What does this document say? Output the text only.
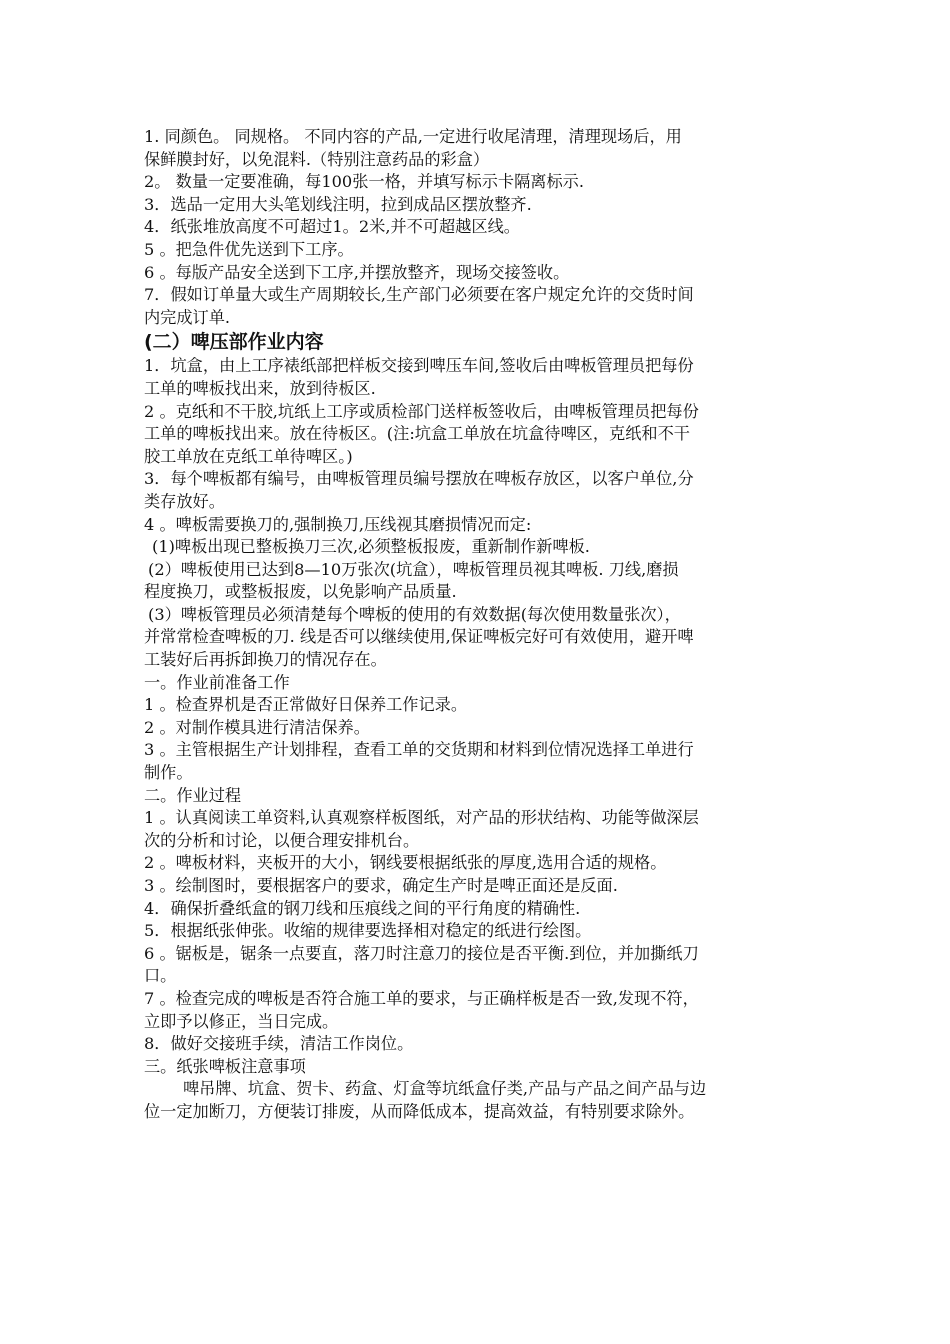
1. 同颜色。 同规格。 不同内容的产品,一定进行收尾清理，清理现场后，用
保鲜膜封好，以免混料.（特别注意药品的彩盒）
2。 数量一定要准确，每100张一格，并填写标示卡隔离标示.
3．选品一定用大头笔划线注明，拉到成品区摆放整齐.
4．纸张堆放高度不可超过1。2米,并不可超越区线。
5 。把急件优先送到下工序。
6 。每版产品安全送到下工序,并摆放整齐，现场交接签收。
7．假如订单量大或生产周期较长,生产部门必须要在客户规定允许的交货时间
内完成订单.
(二）啤压部作业内容
1．坑盒，由上工序裱纸部把样板交接到啤压车间,签收后由啤板管理员把每份
工单的啤板找出来，放到待板区.
2 。克纸和不干胶,坑纸上工序或质检部门送样板签收后，由啤板管理员把每份
工单的啤板找出来。放在待板区。(注:坑盒工单放在坑盒待啤区，克纸和不干
胶工单放在克纸工单待啤区。)
3．每个啤板都有编号，由啤板管理员编号摆放在啤板存放区，以客户单位,分
类存放好。
4 。啤板需要换刀的,强制换刀,压线视其磨损情况而定:
(1)啤板出现已整板换刀三次,必须整板报废，重新制作新啤板.
(2）啤板使用已达到8—10万张次(坑盒），啤板管理员视其啤板. 刀线,磨损
程度换刀，或整板报废，以免影响产品质量.
(3）啤板管理员必须清楚每个啤板的使用的有效数据(每次使用数量张次），
并常常检查啤板的刀. 线是否可以继续使用,保证啤板完好可有效使用，避开啤
工装好后再拆卸换刀的情况存在。
一。作业前准备工作
1 。检查界机是否正常做好日保养工作记录。
2 。对制作模具进行清洁保养。
3 。主管根据生产计划排程，查看工单的交货期和材料到位情况选择工单进行
制作。
二。作业过程
1 。认真阅读工单资料,认真观察样板图纸，对产品的形状结构、功能等做深层
次的分析和讨论，以便合理安排机台。
2 。啤板材料，夹板开的大小，钢线要根据纸张的厚度,选用合适的规格。
3 。绘制图时，要根据客户的要求，确定生产时是啤正面还是反面.
4．确保折叠纸盒的钢刀线和压痕线之间的平行角度的精确性.
5．根据纸张伸张。收缩的规律要选择相对稳定的纸进行绘图。
6 。锯板是，锯条一点要直，落刀时注意刀的接位是否平衡.到位，并加撕纸刀
口。
7 。检查完成的啤板是否符合施工单的要求，与正确样板是否一致,发现不符，
立即予以修正，当日完成。
8．做好交接班手续，清洁工作岗位。
三。纸张啤板注意事项
啤吊牌、坑盒、贺卡、药盒、灯盒等坑纸盒仔类,产品与产品之间产品与边
位一定加断刀，方便装订排废，从而降低成本，提高效益，有特别要求除外。
